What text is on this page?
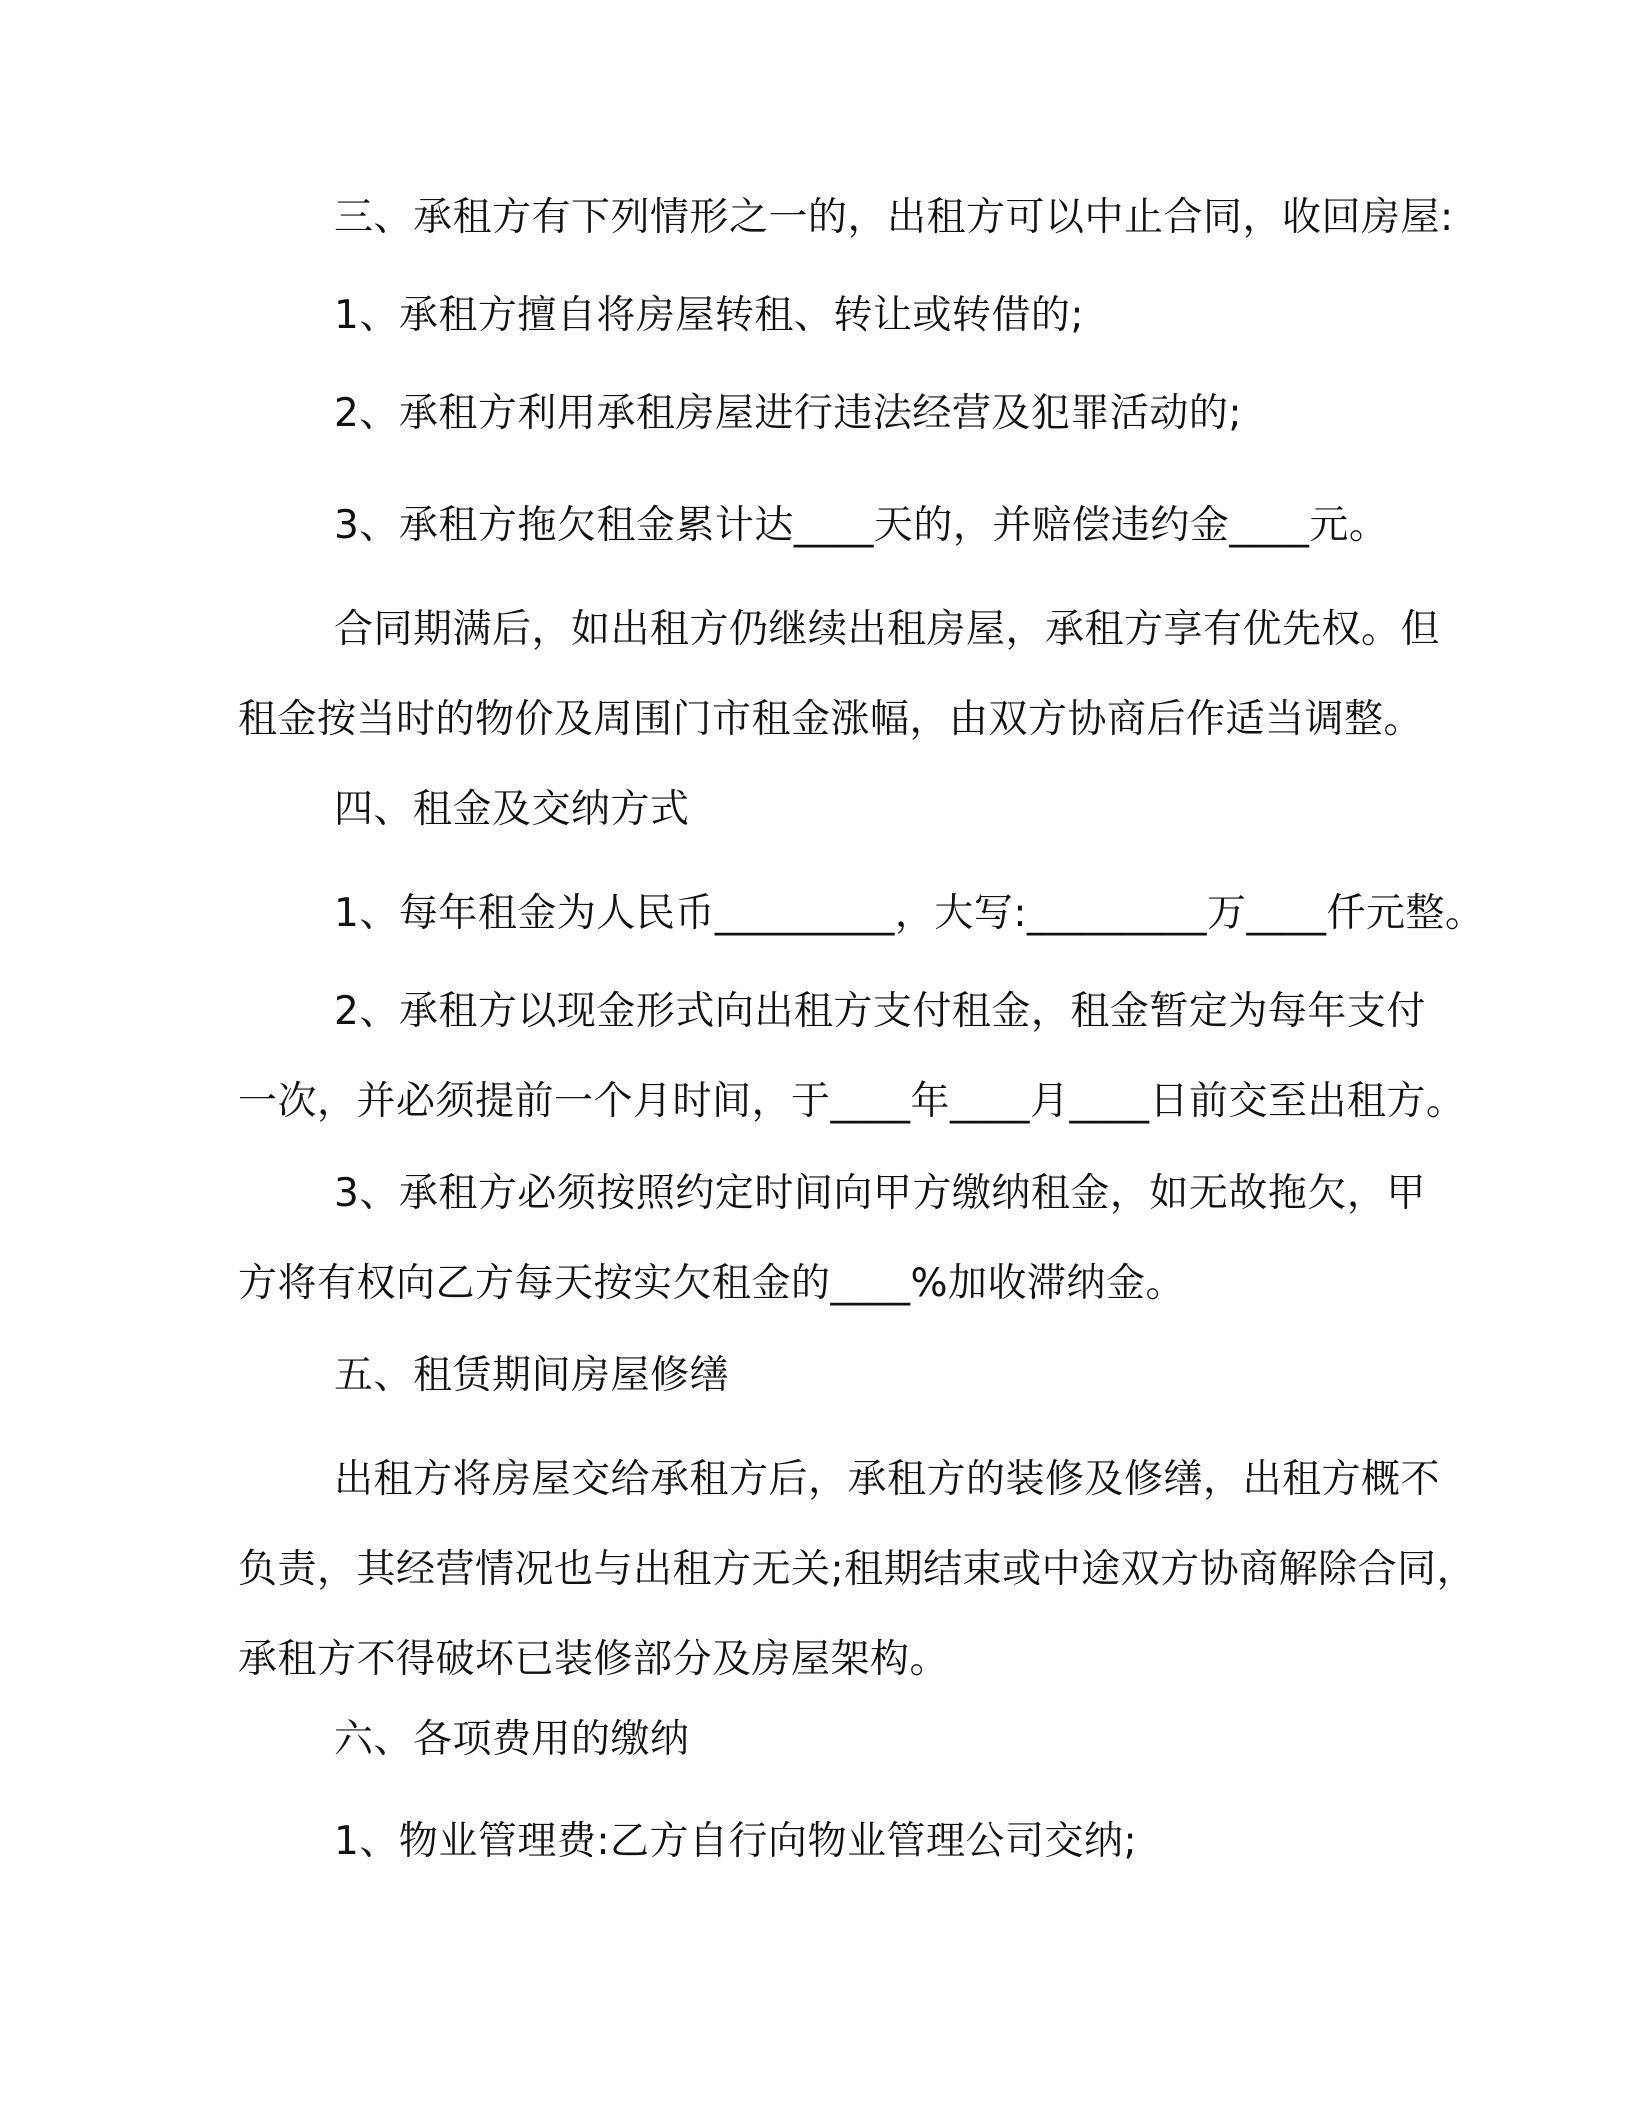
三、承租方有下列情形之一的，出租方可以中止合同，收回房屋:
1、承租方擅自将房屋转租、转让或转借的;
2、承租方利用承租房屋进行违法经营及犯罪活动的;
3、承租方拖欠租金累计达____天的，并赔偿违约金____元。
合同期满后，如出租方仍继续出租房屋，承租方享有优先权。但
租金按当时的物价及周围门市租金涨幅，由双方协商后作适当调整。
四、租金及交纳方式
1、每年租金为人民币_________，大写:_________万____仟元整。
2、承租方以现金形式向出租方支付租金，租金暂定为每年支付
一次，并必须提前一个月时间，于____年____月____日前交至出租方。
3、承租方必须按照约定时间向甲方缴纳租金，如无故拖欠，甲
方将有权向乙方每天按实欠租金的____%加收滞纳金。
五、租赁期间房屋修缮
出租方将房屋交给承租方后，承租方的装修及修缮，出租方概不
负责，其经营情况也与出租方无关;租期结束或中途双方协商解除合同，
承租方不得破坏已装修部分及房屋架构。
六、各项费用的缴纳
1、物业管理费:乙方自行向物业管理公司交纳;
